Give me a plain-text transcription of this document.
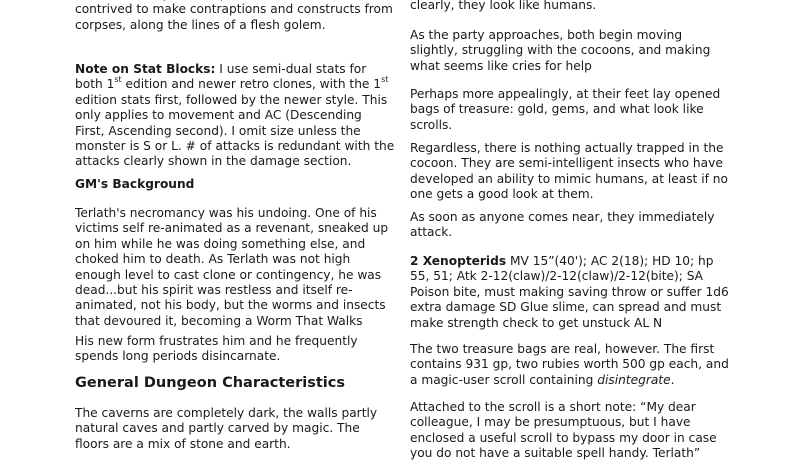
contrived to make contraptions and constructs from corpses, along the lines of a flesh golem.

Note on Stat Blocks: I use semi-dual stats for both 1st edition and newer retro clones, with the 1st edition stats first, followed by the newer style. This only applies to movement and AC (Descending First, Ascending second). I omit size unless the monster is S or L. # of attacks is redundant with the attacks clearly shown in the damage section.

GM's Background

Terlath's necromancy was his undoing. One of his victims self re-animated as a revenant, sneaked up on him while he was doing something else, and choked him to death. As Terlath was not high enough level to cast clone or contingency, he was dead...but his spirit was restless and itself re-animated, not his body, but the worms and insects that devoured it, becoming a Worm That Walks

His new form frustrates him and he frequently spends long periods disincarnate.

General Dungeon Characteristics

The caverns are completely dark, the walls partly natural caves and partly carved by magic. The floors are a mix of stone and earth.

clearly, they look like humans.

As the party approaches, both begin moving slightly, struggling with the cocoons, and making what seems like cries for help

Perhaps more appealingly, at their feet lay opened bags of treasure: gold, gems, and what look like scrolls.

Regardless, there is nothing actually trapped in the cocoon. They are semi-intelligent insects who have developed an ability to mimic humans, at least if no one gets a good look at them.

As soon as anyone comes near, they immediately attack.

2 Xenopterids MV 15”(40'); AC 2(18); HD 10; hp 55, 51; Atk 2-12(claw)/2-12(claw)/2-12(bite); SA Poison bite, must making saving throw or suffer 1d6 extra damage SD Glue slime, can spread and must make strength check to get unstuck AL N

The two treasure bags are real, however. The first contains 931 gp, two rubies worth 500 gp each, and a magic-user scroll containing disintegrate.

Attached to the scroll is a short note: “My dear colleague, I may be presumptuous, but I have enclosed a useful scroll to bypass my door in case you do not have a suitable spell handy. Terlath”
